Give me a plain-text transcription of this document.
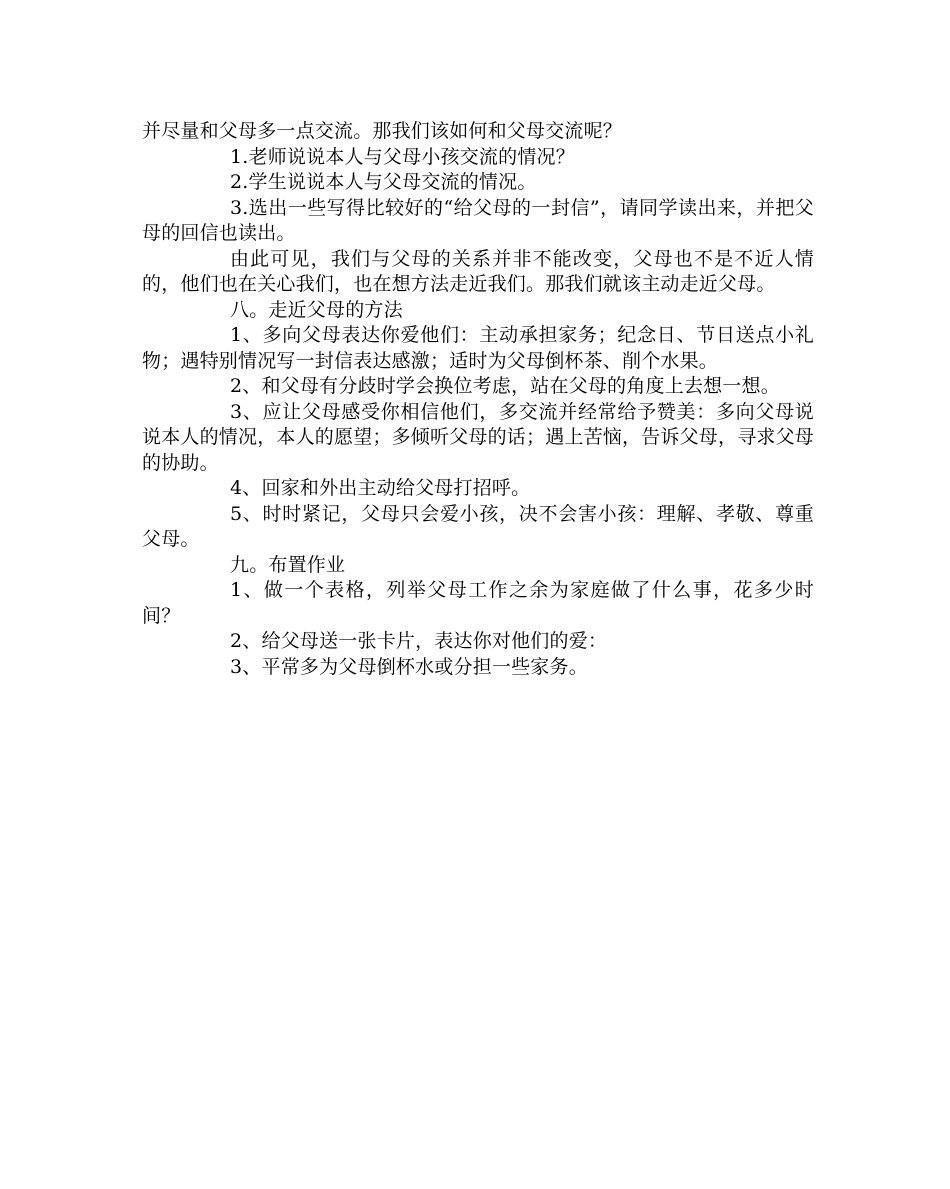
并尽量和父母多一点交流。那我们该如何和父母交流呢？

1.老师说说本人与父母小孩交流的情况？

2.学生说说本人与父母交流的情况。

3.选出一些写得比较好的“给父母的一封信”，请同学读出来，并把父母的回信也读出。

由此可见，我们与父母的关系并非不能改变，父母也不是不近人情的，他们也在关心我们，也在想方法走近我们。那我们就该主动走近父母。

八。走近父母的方法

1、多向父母表达你爱他们：主动承担家务；纪念日、节日送点小礼物；遇特别情况写一封信表达感激；适时为父母倒杯茶、削个水果。

2、和父母有分歧时学会换位考虑，站在父母的角度上去想一想。

3、应让父母感受你相信他们，多交流并经常给予赞美：多向父母说说本人的情况，本人的愿望；多倾听父母的话；遇上苦恼，告诉父母，寻求父母的协助。

4、回家和外出主动给父母打招呼。

5、时时紧记，父母只会爱小孩，决不会害小孩：理解、孝敬、尊重父母。

九。布置作业

1、做一个表格，列举父母工作之余为家庭做了什么事，花多少时间？

2、给父母送一张卡片，表达你对他们的爱：

3、平常多为父母倒杯水或分担一些家务。
